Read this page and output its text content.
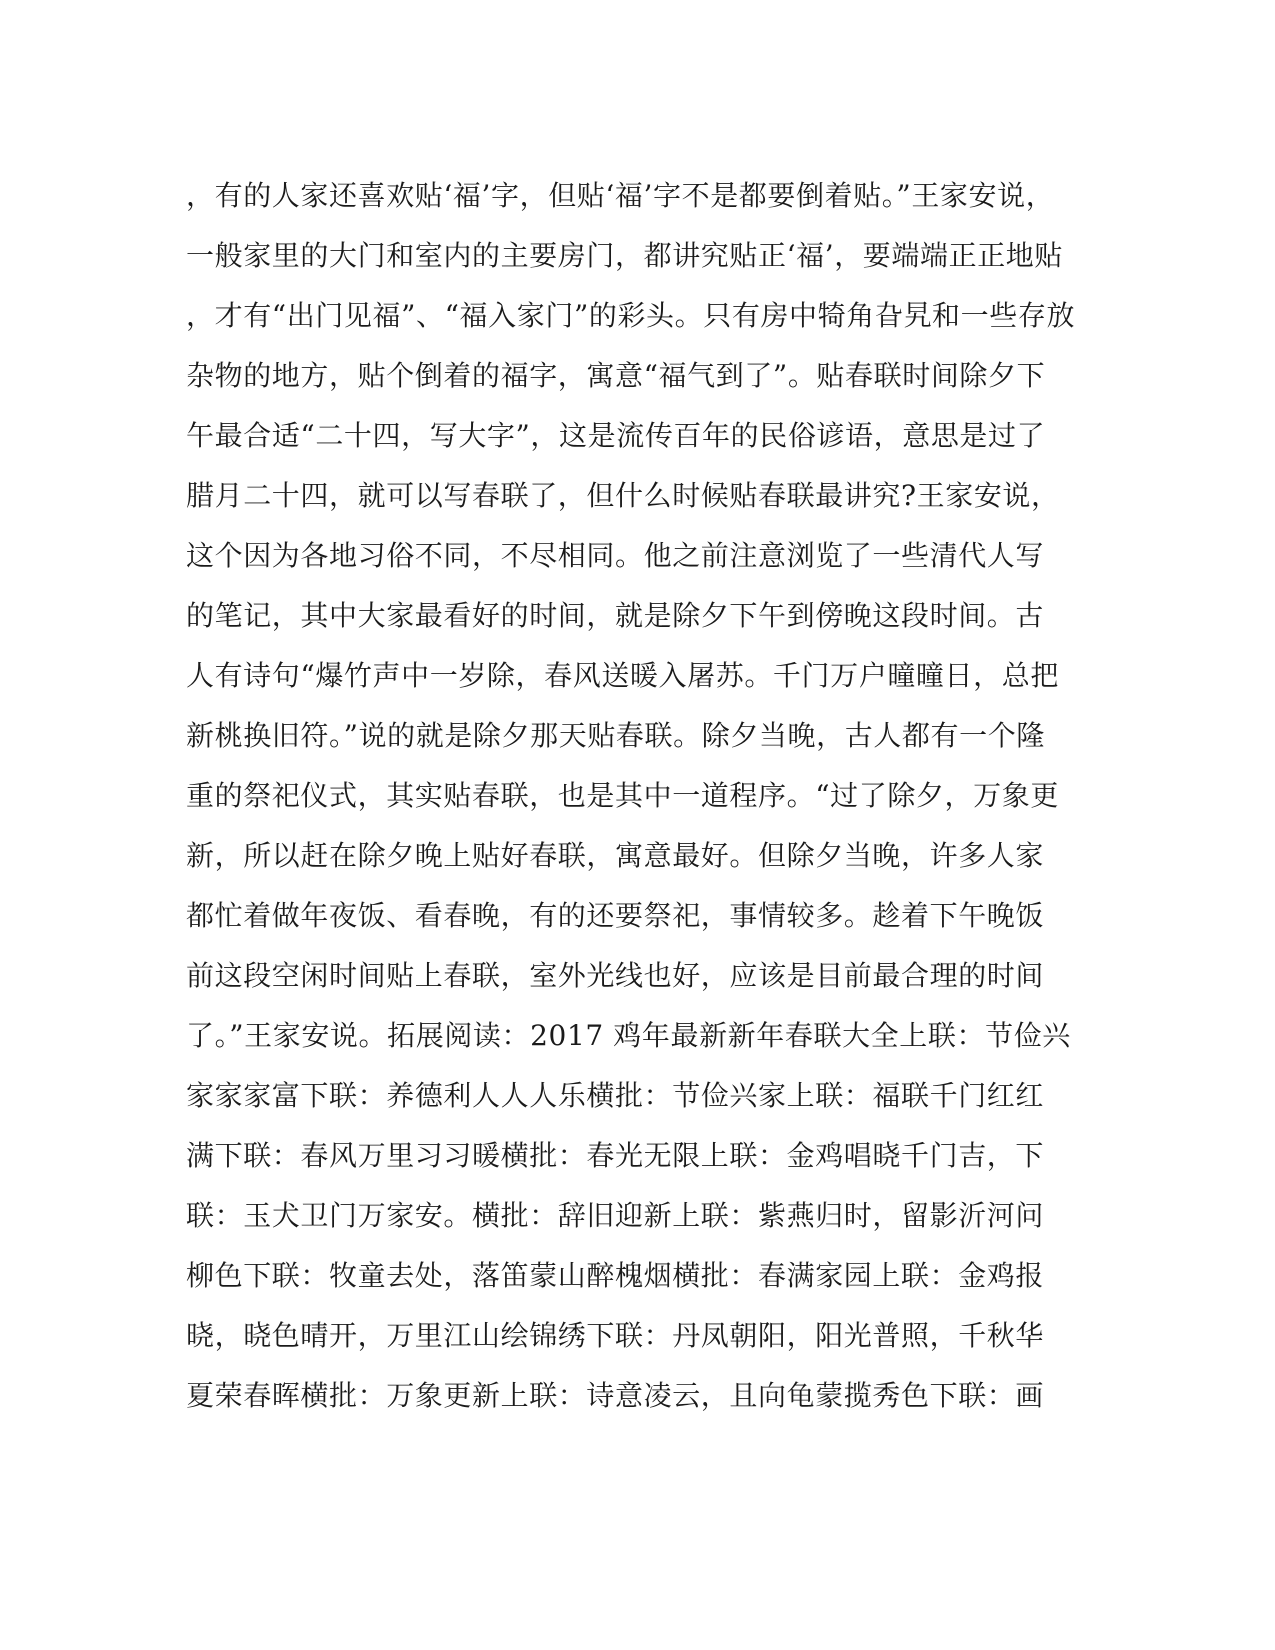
，有的人家还喜欢贴‘福’字，但贴‘福’字不是都要倒着贴。”王家安说，
一般家里的大门和室内的主要房门，都讲究贴正‘福’，要端端正正地贴
，才有“出门见福”、“福入家门”的彩头。只有房中犄角旮旯和一些存放
杂物的地方，贴个倒着的福字，寓意“福气到了”。贴春联时间除夕下
午最合适“二十四，写大字”，这是流传百年的民俗谚语，意思是过了
腊月二十四，就可以写春联了，但什么时候贴春联最讲究?王家安说，
这个因为各地习俗不同，不尽相同。他之前注意浏览了一些清代人写
的笔记，其中大家最看好的时间，就是除夕下午到傍晚这段时间。古
人有诗句“爆竹声中一岁除，春风送暖入屠苏。千门万户曈曈日，总把
新桃换旧符。”说的就是除夕那天贴春联。除夕当晚，古人都有一个隆
重的祭祀仪式，其实贴春联，也是其中一道程序。“过了除夕，万象更
新，所以赶在除夕晚上贴好春联，寓意最好。但除夕当晚，许多人家
都忙着做年夜饭、看春晚，有的还要祭祀，事情较多。趁着下午晚饭
前这段空闲时间贴上春联，室外光线也好，应该是目前最合理的时间
了。”王家安说。拓展阅读：2017 鸡年最新新年春联大全上联：节俭兴
家家家富下联：养德利人人人乐横批：节俭兴家上联：福联千门红红
满下联：春风万里习习暖横批：春光无限上联：金鸡唱晓千门吉，下
联：玉犬卫门万家安。横批：辞旧迎新上联：紫燕归时，留影沂河问
柳色下联：牧童去处，落笛蒙山醉槐烟横批：春满家园上联：金鸡报
晓，晓色晴开，万里江山绘锦绣下联：丹凤朝阳，阳光普照，千秋华
夏荣春晖横批：万象更新上联：诗意凌云，且向龟蒙揽秀色下联：画
